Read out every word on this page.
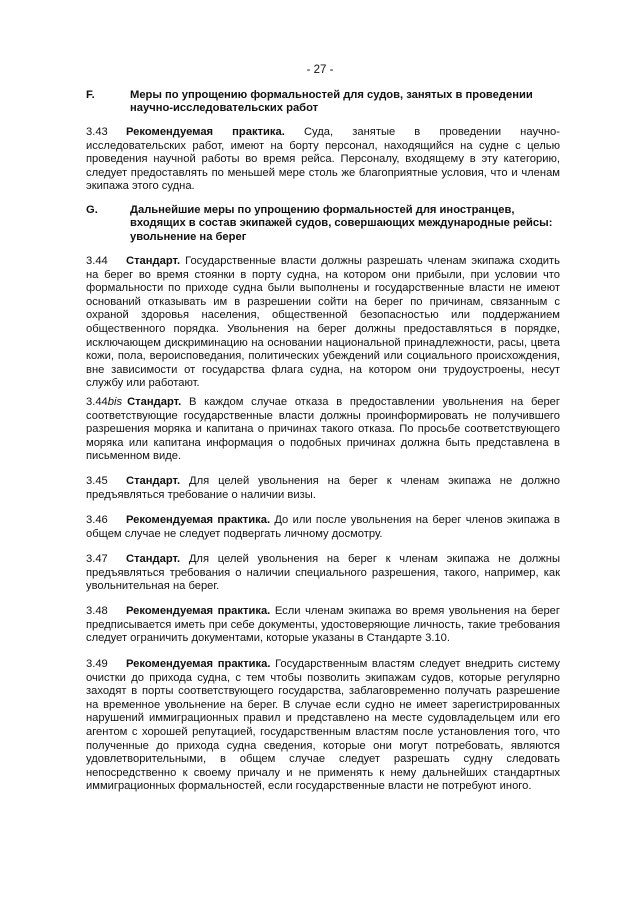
- 27 -
F.	Меры по упрощению формальностей для судов, занятых в проведении научно-исследовательских работ
3.43 Рекомендуемая практика. Суда, занятые в проведении научно-исследовательских работ, имеют на борту персонал, находящийся на судне с целью проведения научной работы во время рейса. Персоналу, входящему в эту категорию, следует предоставлять по меньшей мере столь же благоприятные условия, что и членам экипажа этого судна.
G.	Дальнейшие меры по упрощению формальностей для иностранцев, входящих в состав экипажей судов, совершающих международные рейсы: увольнение на берег
3.44 Стандарт. Государственные власти должны разрешать членам экипажа сходить на берег во время стоянки в порту судна, на котором они прибыли, при условии что формальности по приходе судна были выполнены и государственные власти не имеют оснований отказывать им в разрешении сойти на берег по причинам, связанным с охраной здоровья населения, общественной безопасностью или поддержанием общественного порядка. Увольнения на берег должны предоставляться в порядке, исключающем дискриминацию на основании национальной принадлежности, расы, цвета кожи, пола, вероисповедания, политических убеждений или социального происхождения, вне зависимости от государства флага судна, на котором они трудоустроены, несут службу или работают.
3.44bis Стандарт. В каждом случае отказа в предоставлении увольнения на берег соответствующие государственные власти должны проинформировать не получившего разрешения моряка и капитана о причинах такого отказа. По просьбе соответствующего моряка или капитана информация о подобных причинах должна быть представлена в письменном виде.
3.45 Стандарт. Для целей увольнения на берег к членам экипажа не должно предъявляться требование о наличии визы.
3.46 Рекомендуемая практика. До или после увольнения на берег членов экипажа в общем случае не следует подвергать личному досмотру.
3.47 Стандарт. Для целей увольнения на берег к членам экипажа не должны предъявляться требования о наличии специального разрешения, такого, например, как увольнительная на берег.
3.48 Рекомендуемая практика. Если членам экипажа во время увольнения на берег предписывается иметь при себе документы, удостоверяющие личность, такие требования следует ограничить документами, которые указаны в Стандарте 3.10.
3.49 Рекомендуемая практика. Государственным властям следует внедрить систему очистки до прихода судна, с тем чтобы позволить экипажам судов, которые регулярно заходят в порты соответствующего государства, заблаговременно получать разрешение на временное увольнение на берег. В случае если судно не имеет зарегистрированных нарушений иммиграционных правил и представлено на месте судовладельцем или его агентом с хорошей репутацией, государственным властям после установления того, что полученные до прихода судна сведения, которые они могут потребовать, являются удовлетворительными, в общем случае следует разрешать судну следовать непосредственно к своему причалу и не применять к нему дальнейших стандартных иммиграционных формальностей, если государственные власти не потребуют иного.
